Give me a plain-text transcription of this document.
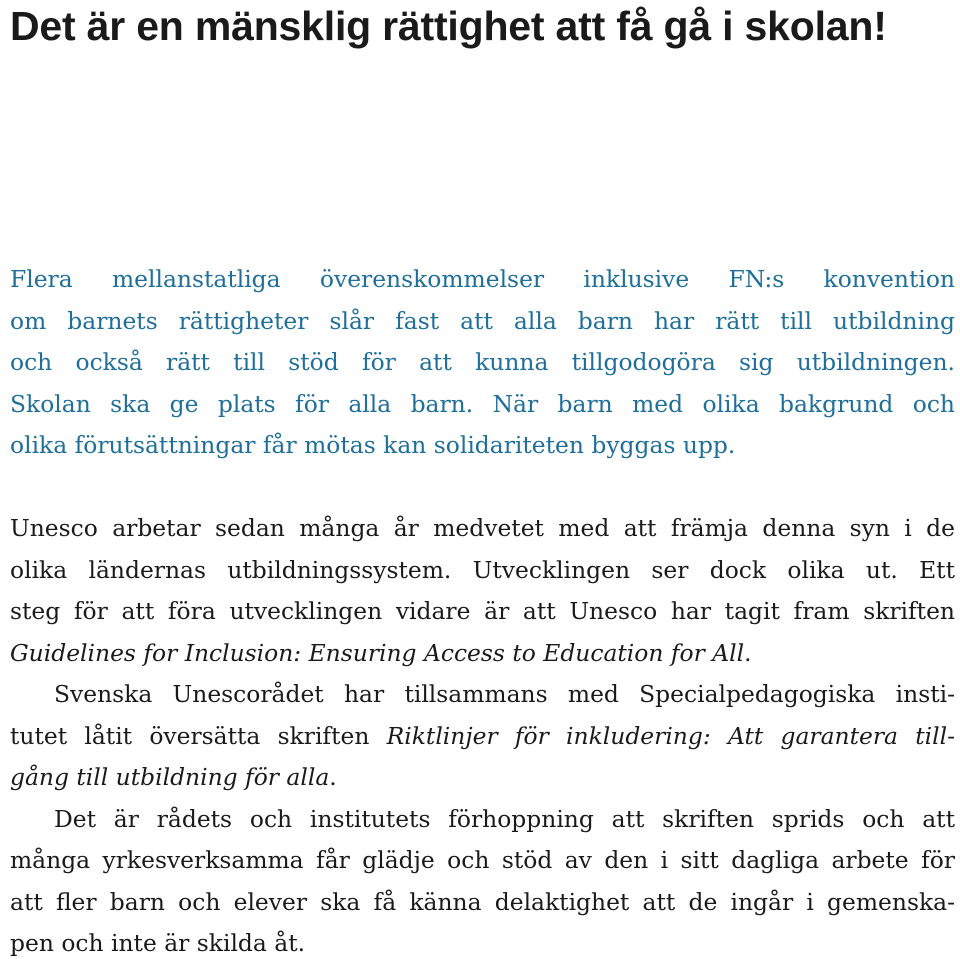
Det är en mänsklig rättighet att få gå i skolan!
Flera mellanstatliga överenskommelser inklusive FN:s konvention
om barnets rättigheter slår fast att alla barn har rätt till utbildning
och också rätt till stöd för att kunna tillgodogöra sig utbildningen.
Skolan ska ge plats för alla barn. När barn med olika bakgrund och
olika förutsättningar får mötas kan solidariteten byggas upp.

Unesco arbetar sedan många år medvetet med att främja denna syn i de
olika ländernas utbildningssystem. Utvecklingen ser dock olika ut. Ett
steg för att föra utvecklingen vidare är att Unesco har tagit fram skriften
Guidelines for Inclusion: Ensuring Access to Education for All.

Svenska Unescorådet har tillsammans med Specialpedagogiska insti-
tutet låtit översätta skriften Riktlinjer för inkludering: Att garantera till-
gång till utbildning för alla.

Det är rådets och institutets förhoppning att skriften sprids och att
många yrkesverksamma får glädje och stöd av den i sitt dagliga arbete för
att fler barn och elever ska få känna delaktighet att de ingår i gemenska-
pen och inte är skilda åt.
